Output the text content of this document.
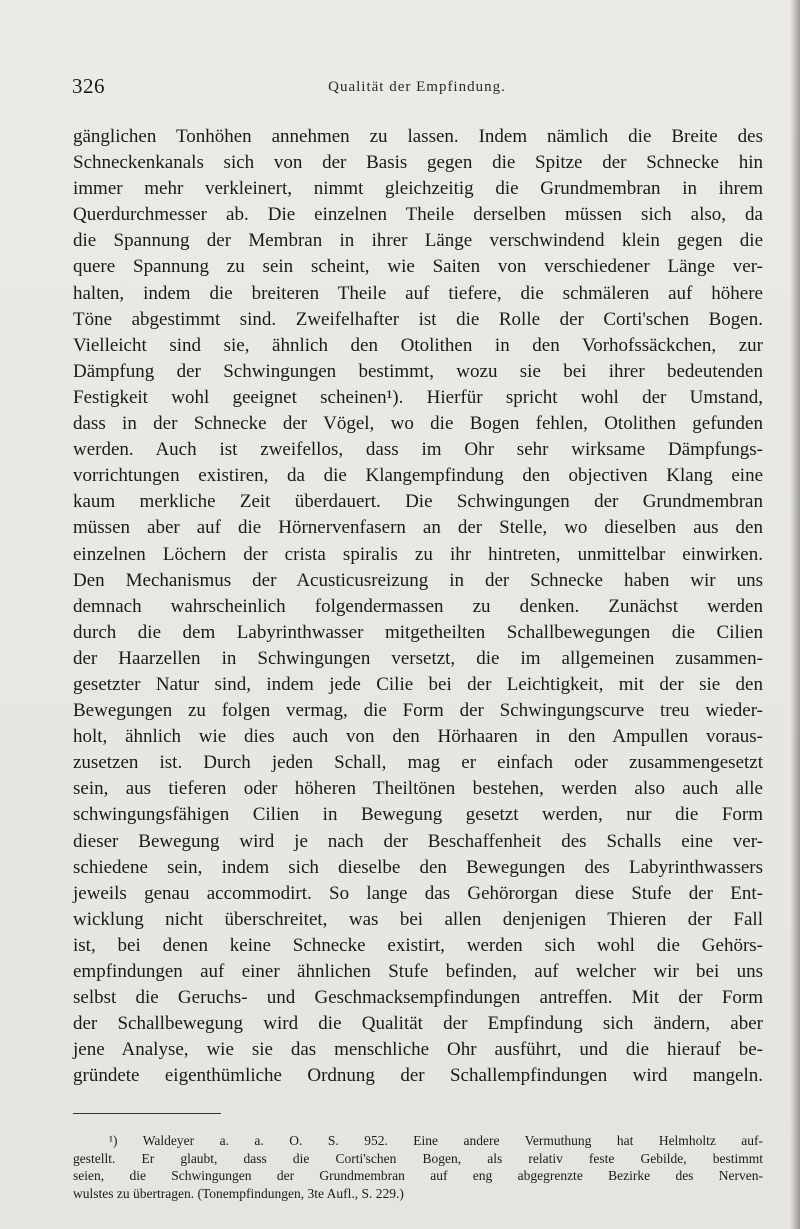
326	Qualität der Empfindung.
gänglichen Tonhöhen annehmen zu lassen. Indem nämlich die Breite des
Schneckenkanals sich von der Basis gegen die Spitze der Schnecke hin
immer mehr verkleinert, nimmt gleichzeitig die Grundmembran in ihrem
Querdurchmesser ab. Die einzelnen Theile derselben müssen sich also, da
die Spannung der Membran in ihrer Länge verschwindend klein gegen die
quere Spannung zu sein scheint, wie Saiten von verschiedener Länge ver-
halten, indem die breiteren Theile auf tiefere, die schmäleren auf höhere
Töne abgestimmt sind. Zweifelhafter ist die Rolle der Corti'schen Bogen.
Vielleicht sind sie, ähnlich den Otolithen in den Vorhofssäckchen, zur
Dämpfung der Schwingungen bestimmt, wozu sie bei ihrer bedeutenden
Festigkeit wohl geeignet scheinen¹). Hierfür spricht wohl der Umstand,
dass in der Schnecke der Vögel, wo die Bogen fehlen, Otolithen gefunden
werden. Auch ist zweifellos, dass im Ohr sehr wirksame Dämpfungs-
vorrichtungen existiren, da die Klangempfindung den objectiven Klang eine
kaum merkliche Zeit überdauert. Die Schwingungen der Grundmembran
müssen aber auf die Hörnervenfasern an der Stelle, wo dieselben aus den
einzelnen Löchern der crista spiralis zu ihr hintreten, unmittelbar einwirken.
Den Mechanismus der Acusticusreizung in der Schnecke haben wir uns
demnach wahrscheinlich folgendermassen zu denken. Zunächst werden
durch die dem Labyrinthwasser mitgetheilten Schallbewegungen die Cilien
der Haarzellen in Schwingungen versetzt, die im allgemeinen zusammen-
gesetzter Natur sind, indem jede Cilie bei der Leichtigkeit, mit der sie den
Bewegungen zu folgen vermag, die Form der Schwingungscurve treu wieder-
holt, ähnlich wie dies auch von den Hörhaaren in den Ampullen voraus-
zusetzen ist. Durch jeden Schall, mag er einfach oder zusammengesetzt
sein, aus tieferen oder höheren Theiltönen bestehen, werden also auch alle
schwingungsfähigen Cilien in Bewegung gesetzt werden, nur die Form
dieser Bewegung wird je nach der Beschaffenheit des Schalls eine ver-
schiedene sein, indem sich dieselbe den Bewegungen des Labyrinthwassers
jeweils genau accommodirt. So lange das Gehörorgan diese Stufe der Ent-
wicklung nicht überschreitet, was bei allen denjenigen Thieren der Fall
ist, bei denen keine Schnecke existirt, werden sich wohl die Gehörs-
empfindungen auf einer ähnlichen Stufe befinden, auf welcher wir bei uns
selbst die Geruchs- und Geschmacksempfindungen antreffen. Mit der Form
der Schallbewegung wird die Qualität der Empfindung sich ändern, aber
jene Analyse, wie sie das menschliche Ohr ausführt, und die hierauf be-
gründete eigenthümliche Ordnung der Schallempfindungen wird mangeln.
¹) Waldeyer a. a. O. S. 952. Eine andere Vermuthung hat Helmholtz auf-
gestellt. Er glaubt, dass die Corti'schen Bogen, als relativ feste Gebilde, bestimmt
seien, die Schwingungen der Grundmembran auf eng abgegrenzte Bezirke des Nerven-
wulstes zu übertragen. (Tonempfindungen, 3te Aufl., S. 229.)
